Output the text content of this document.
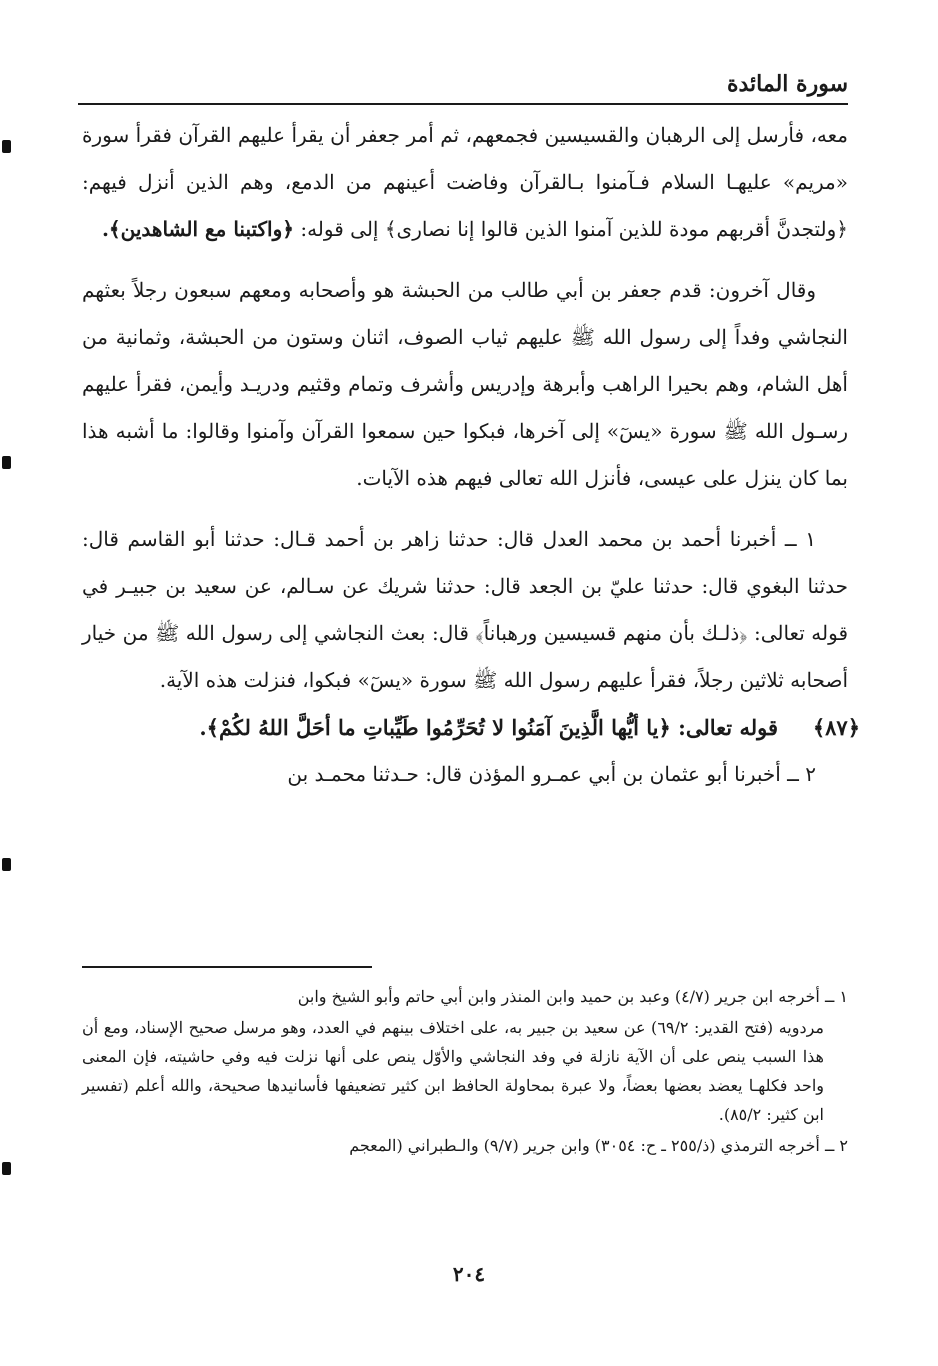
سورة المائدة

معه، فأرسل إلى الرهبان والقسيسين فجمعهم، ثم أمر جعفر أن يقرأ عليهم القرآن فقرأ سورة «مريم» عليهـا السلام فـآمنوا بـالقرآن وفاضت أعينهم من الدمع، وهم الذين أنزل فيهم: ﴿ولتجدنَّ أقربهم مودة للذين آمنوا الذين قالوا إنا نصارى﴾ إلى قوله: ﴿واكتبنا مع الشاهدين﴾.

وقال آخرون: قدم جعفر بن أبي طالب من الحبشة هو وأصحابه ومعهم سبعون رجلاً بعثهم النجاشي وفداً إلى رسول الله ﷺ عليهم ثياب الصوف، اثنان وستون من الحبشة، وثمانية من أهل الشام، وهم بحيرا الراهب وأبرهة وإدريس وأشرف وتمام وقثيم ودريـد وأيمن، فقرأ عليهم رسـول الله ﷺ سورة «يسٓ» إلى آخرها، فبكوا حين سمعوا القرآن وآمنوا وقالوا: ما أشبه هذا بما كان ينزل على عيسى، فأنزل الله تعالى فيهم هذه الآيات.

١ ــ أخبرنا أحمد بن محمد العدل قال: حدثنا زاهر بن أحمد قـال: حدثنا أبو القاسم قال: حدثنا البغوي قال: حدثنا عليّ بن الجعد قال: حدثنا شريك عن سـالم، عن سعيد بن جبيـر في قوله تعالى: ﴿ذلـك بأن منهم قسيسين ورهباناً﴾ قال: بعث النجاشي إلى رسول الله ﷺ من خيار أصحابه ثلاثين رجلاً، فقرأ عليهم رسول الله ﷺ سورة «يسٓ» فبكوا، فنزلت هذه الآية.

﴿٨٧﴾
قوله تعالى: ﴿يا أيُّها الَّذِينَ آمَنُوا لا تُحَرِّمُوا طَيِّباتِ ما أحَلَّ اللهُ لكُمْ﴾.

٢ ــ أخبرنا أبو عثمان بن أبي عمـرو المؤذن قال: حـدثنا محمـد بن

١ ــ أخرجه ابن جرير (٤/٧) وعبد بن حميد وابن المنذر وابن أبي حاتم وأبو الشيخ وابن

مردويه (فتح القدير: ٦٩/٢) عن سعيد بن جبير به، على اختلاف بينهم في العدد، وهو مرسل صحيح الإسناد، ومع أن هذا السبب ينص على أن الآية نازلة في وفد النجاشي والأوّل ينص على أنها نزلت فيه وفي حاشيته، فإن المعنى واحد فكلهـا يعضد بعضها بعضاً، ولا عبرة بمحاولة الحافظ ابن كثير تضعيفها فأسانيدها صحيحة، والله أعلم (تفسير ابن كثير: ٨٥/٢).

٢ ــ أخرجه الترمذي (ذ/٢٥٥ ـ ح: ٣٠٥٤) وابن جرير (٩/٧) والـطبراني (المعجم

٢٠٤
